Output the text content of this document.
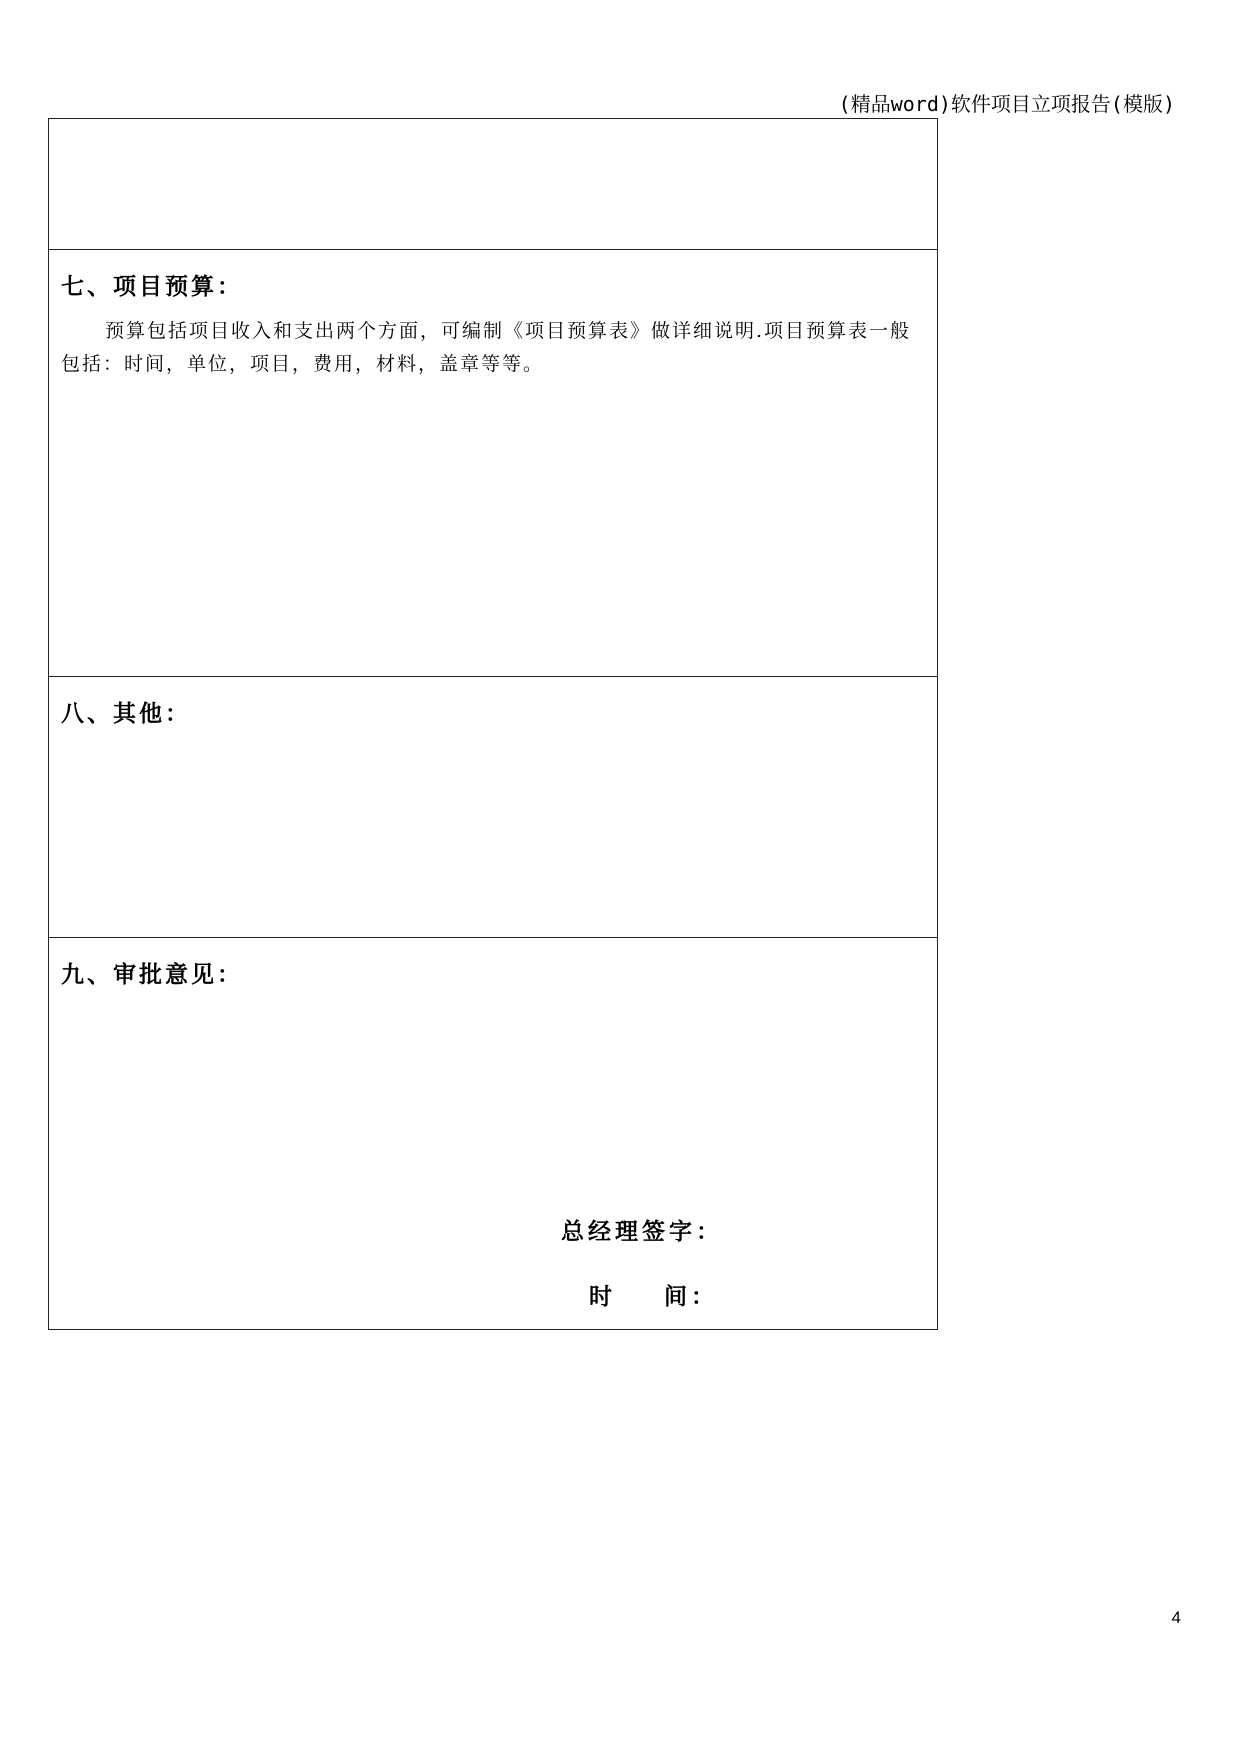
(精品word)软件项目立项报告(模版)
七、项目预算：
预算包括项目收入和支出两个方面，可编制《项目预算表》做详细说明.项目预算表一般包括：时间，单位，项目，费用，材料，盖章等等。
八、其他：
九、审批意见：
总经理签字：
时 间：
4
